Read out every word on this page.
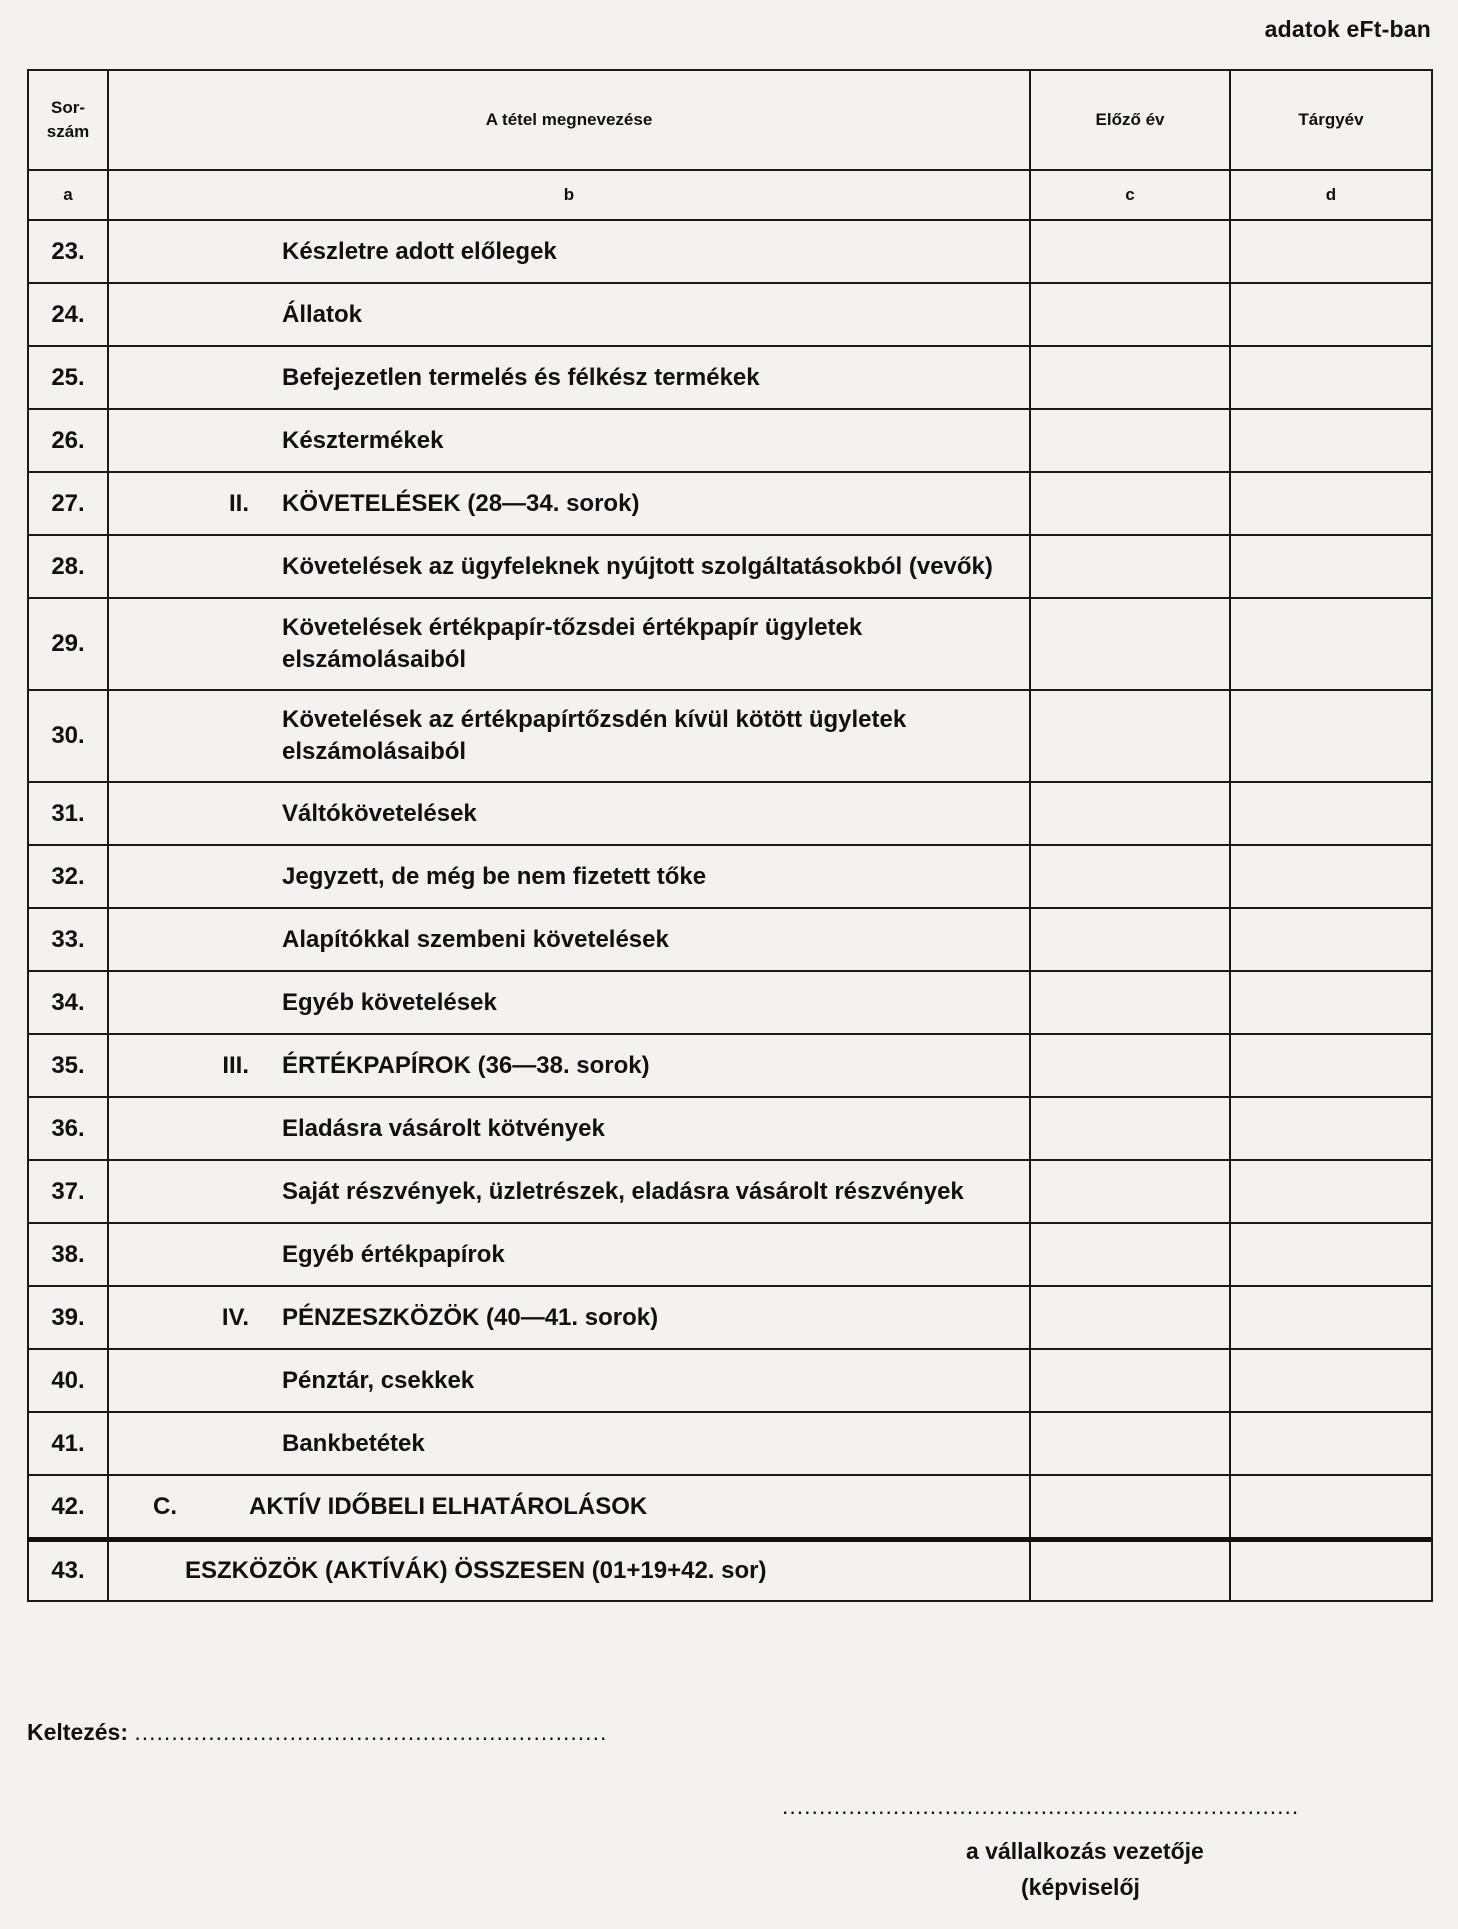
adatok eFt-ban
Sor-
szám	A tétel megnevezése	Előző év	Tárgyév
a	b	c	d
23.	Készletre adott előlegek		

24.	Állatok		

25.	Befejezetlen termelés és félkész termékek		

26.	Késztermékek		

27.	II. KÖVETELÉSEK (28—34. sorok)		

28.	Követelések az ügyfeleknek nyújtott szolgáltatásokból (vevők)		

29.	Követelések értékpapír-tőzsdei értékpapír ügyletek elszámolásaiból		

30.	Követelések az értékpapírtőzsdén kívül kötött ügyletek elszámolásaiból		

31.	Váltókövetelések		

32.	Jegyzett, de még be nem fizetett tőke		

33.	Alapítókkal szembeni követelések		

34.	Egyéb követelések		

35.	III. ÉRTÉKPAPÍROK (36—38. sorok)		

36.	Eladásra vásárolt kötvények		

37.	Saját részvények, üzletrészek, eladásra vásárolt részvények		

38.	Egyéb értékpapírok		

39.	IV. PÉNZESZKÖZÖK (40—41. sorok)		

40.	Pénztár, csekkek		

41.	Bankbetétek		

42.	C. AKTÍV IDŐBELI ELHATÁROLÁSOK		

43.	ESZKÖZÖK (AKTÍVÁK) ÖSSZESEN (01+19+42. sor)		

Keltezés: ................................................................
......................................................................
a vállalkozás vezetője
(képviselőj
